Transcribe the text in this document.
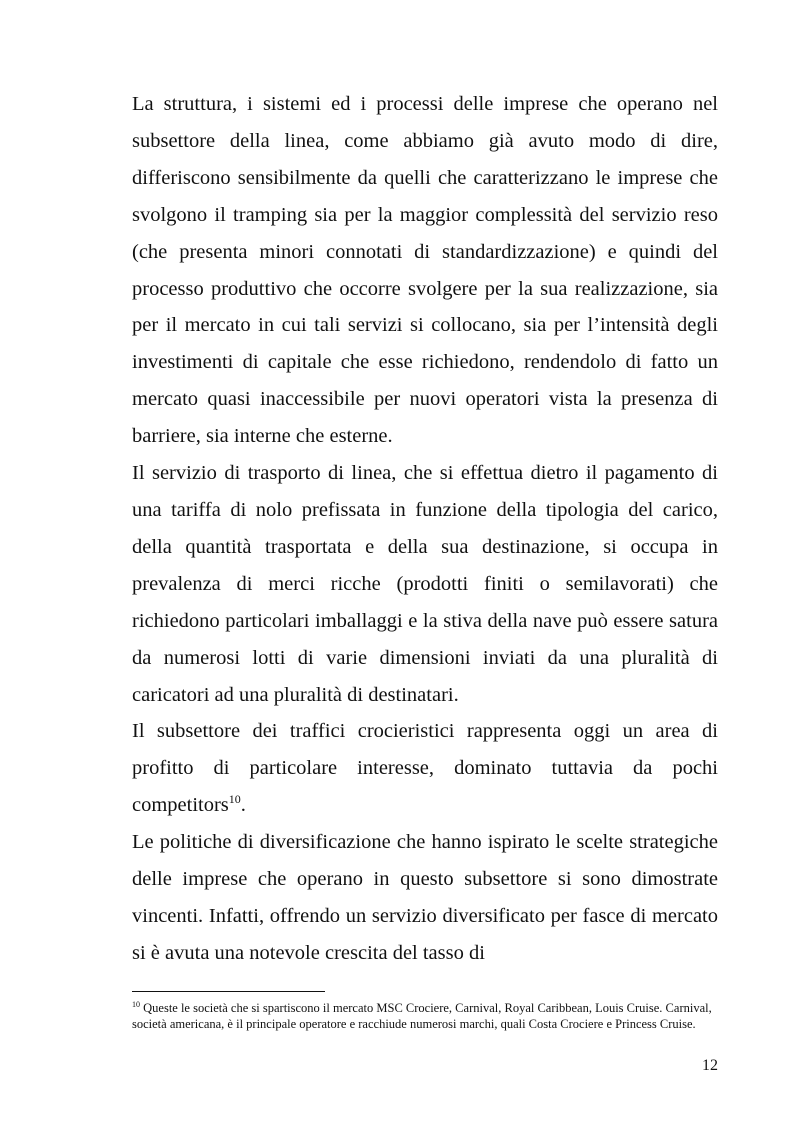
La struttura, i sistemi ed i processi delle imprese che operano nel subsettore della linea, come abbiamo già avuto modo di dire, differiscono sensibilmente da quelli che caratterizzano le imprese che svolgono il tramping sia per la maggior complessità del servizio reso (che presenta minori connotati di standardizzazione) e quindi del processo produttivo che occorre svolgere per la sua realizzazione, sia per il mercato in cui tali servizi si collocano, sia per l’intensità degli investimenti di capitale che esse richiedono, rendendolo di fatto un mercato quasi inaccessibile per nuovi operatori vista la presenza di barriere, sia interne che esterne.

Il servizio di trasporto di linea, che si effettua dietro il pagamento di una tariffa di nolo prefissata in funzione della tipologia del carico, della quantità trasportata e della sua destinazione, si occupa in prevalenza di merci ricche (prodotti finiti o semilavorati) che richiedono particolari imballaggi e la stiva della nave può essere satura da numerosi lotti di varie dimensioni inviati da una pluralità di caricatori ad una pluralità di destinatari.

Il subsettore dei traffici crocieristici rappresenta oggi un area di profitto di particolare interesse, dominato tuttavia da pochi competitors$^{10}$.

Le politiche di diversificazione che hanno ispirato le scelte strategiche delle imprese che operano in questo subsettore si sono dimostrate vincenti. Infatti, offrendo un servizio diversificato per fasce di mercato si è avuta una notevole crescita del tasso di

$^{10}$ Queste le società che si spartiscono il mercato MSC Crociere, Carnival, Royal Caribbean, Louis Cruise. Carnival, società americana, è il principale operatore e racchiude numerosi marchi, quali Costa Crociere e Princess Cruise.
12
